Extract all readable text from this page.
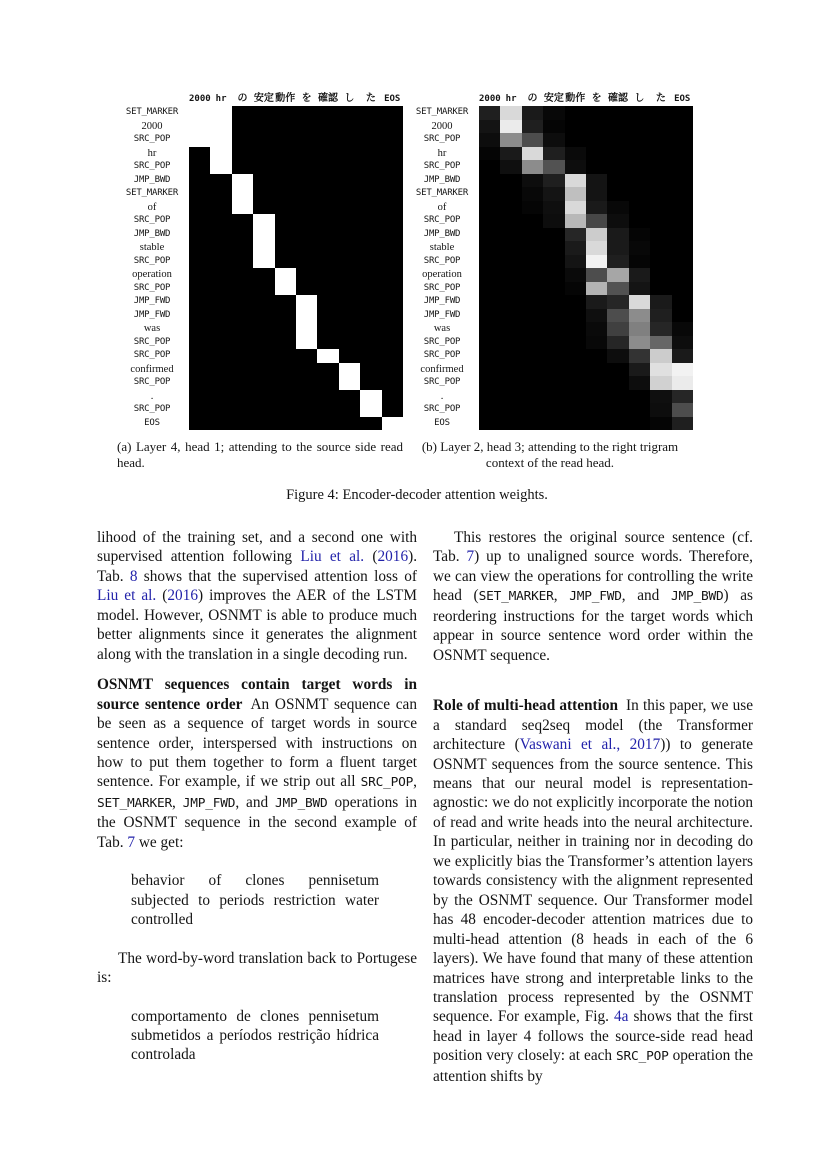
SET_MARKER
2000
SRC_POP
hr
SRC_POP
JMP_BWD
SET_MARKER
of
SRC_POP
JMP_BWD
stable
SRC_POP
operation
SRC_POP
JMP_FWD
JMP_FWD
was
SRC_POP
SRC_POP
confirmed
SRC_POP
.
SRC_POP
EOS
2000 hr	の 安定 動作 を 確認 し	た EOS
(a) Layer 4, head 1; attending to the source side read head.
SET_MARKER
2000
SRC_POP
hr
SRC_POP
JMP_BWD
SET_MARKER
of
SRC_POP
JMP_BWD
stable
SRC_POP
operation
SRC_POP
JMP_FWD
JMP_FWD
was
SRC_POP
SRC_POP
confirmed
SRC_POP
.
SRC_POP
EOS
2000 hr	の 安定 動作 を 確認 し	た EOS
(b) Layer 2, head 3; attending to the right trigram context of the read head.
Figure 4: Encoder-decoder attention weights.

lihood of the training set, and a second one with supervised attention following Liu et al. (2016). Tab. 8 shows that the supervised attention loss of Liu et al. (2016) improves the AER of the LSTM model. However, OSNMT is able to produce much better alignments since it generates the alignment along with the translation in a single decoding run.

OSNMT sequences contain target words in source sentence order An OSNMT sequence can be seen as a sequence of target words in source sentence order, interspersed with instructions on how to put them together to form a fluent target sentence. For example, if we strip out all SRC_POP, SET_MARKER, JMP_FWD, and JMP_BWD operations in the OSNMT sequence in the second example of Tab. 7 we get:

behavior of clones pennisetum subjected to periods restriction water controlled

The word-by-word translation back to Portugese is:

comportamento de clones pennisetum submetidos a períodos restrição hídrica controlada

This restores the original source sentence (cf. Tab. 7) up to unaligned source words. Therefore, we can view the operations for controlling the write head (SET_MARKER, JMP_FWD, and JMP_BWD) as reordering instructions for the target words which appear in source sentence word order within the OSNMT sequence.

Role of multi-head attention In this paper, we use a standard seq2seq model (the Transformer architecture (Vaswani et al., 2017)) to generate OSNMT sequences from the source sentence. This means that our neural model is representation-agnostic: we do not explicitly incorporate the notion of read and write heads into the neural architecture. In particular, neither in training nor in decoding do we explicitly bias the Transformer’s attention layers towards consistency with the alignment represented by the OSNMT sequence. Our Transformer model has 48 encoder-decoder attention matrices due to multi-head attention (8 heads in each of the 6 layers). We have found that many of these attention matrices have strong and interpretable links to the translation process represented by the OSNMT sequence. For example, Fig. 4a shows that the first head in layer 4 follows the source-side read head position very closely: at each SRC_POP operation the attention shifts by
